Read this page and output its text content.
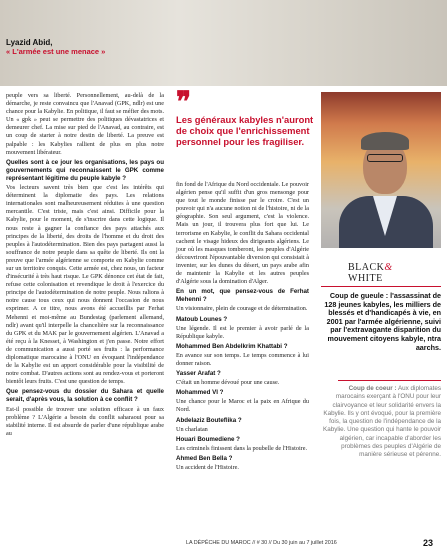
Lyazid Abid,
« L'armée est une menace »

peuple vers sa liberté. Personnellement, au-delà de la démarche, je reste convaincu que l'Anavad (GPK, ndlr) est une chance pour la Kabylie. En politique, il faut se méfier des mots. Un « gpk » peut se permettre des politiques dévastatrices et demeurer chef. La mise sur pied de l'Anavad, au contraire, est un coup de starter à notre destin de liberté. La preuve est palpable : les Kabylies rallient de plus en plus notre mouvement libérateur.

Quelles sont à ce jour les organisations, les pays ou gouvernements qui reconnaissent le GPK comme représentant légitime du peuple kabyle ?

Vos lecteurs savent très bien que c'est les intérêts qui déterminent la diplomatie des pays. Les relations internationales sont malheureusement réduites à une question mercantile. C'est triste, mais c'est ainsi. Difficile pour la Kabylie, pour le moment, de s'inscrire dans cette logique. Il nous reste à gagner la confiance des pays attachés aux principes de la liberté, des droits de l'homme et du droit des peuples à l'autodétermination. Bien des pays partagent aussi la souffrance de notre peuple dans sa quête de liberté. Ils ont la preuve que l'armée algérienne se comporte en Kabylie comme sur un territoire conquis. Cette armée est, chez nous, un facteur d'insécurité à très haut risque. Le GPK dénonce cet état de fait, refuse cette colonisation et revendique le droit à l'exercice du principe de l'autodétermination de notre peuple. Nous ralions à notre cause tous ceux qui nous donnent l'occasion de nous exprimer. A ce titre, nous avons été accueillis par Ferhat Mehenni et moi-même au Bundestag (parlement allemand, ndlr) avant qu'il interpelle la chancelière sur la reconnaissance du GPK et du MAK par le gouvernement algérien. L'Anavad a été reçu à la Knesset, à Washington et j'en passe. Notre effort de communication a aussi porté ses fruits : la performance diplomatique marocaine à l'ONU en évoquant l'indépendance de la Kabylie est un apport considérable pour la visibilité de notre combat. D'autres actions sont au rendez-vous et porteront bientôt leurs fruits. C'est une question de temps.

Que pensez-vous du dossier du Sahara et quelle serait, d'après vous, la solution à ce conflit ?

Est-il possible de trouver une solution efficace à un faux problème ? L'Algérie a besoin du conflit saharaoui pour sa stabilité interne. Il est absurde de parler d'une république arabe au

❞
Les généraux kabyles n'auront de choix que l'enrichissement personnel pour les fragiliser.

fin fond de l'Afrique du Nord occidentale. Le pouvoir algérien pense qu'il suffit d'un gros mensonge pour que tout le monde finisse par le croire. C'est un pouvoir qui n'a aucune notion ni de l'histoire, ni de la géographie. Son seul argument, c'est la violence. Mais un jour, il trouvera plus fort que lui. Le terrorisme en Kabylie, le conflit du Sahara occidental cachent le visage hideux des dirigeants algériens. Le jour où les masques tomberont, les peuples d'Algérie découvriront l'épouvantable diversion qui consistait à inventer, sur les dunes du désert, un pays arabe afin de maintenir la Kabylie et les autres peuples d'Algérie sous la domination d'Alger.

En un mot, que pensez-vous de Ferhat Mehenni ?

Un visionnaire, plein de courage et de détermination.

Matoub Lounes ?

Une légende. Il est le premier à avoir parlé de la République kabyle.

Mohammed Ben Abdelkrim Khattabi ?

En avance sur son temps. Le temps commence à lui donner raison.

Yasser Arafat ?

C'était un homme dévoué pour une cause.

Mohammed VI ?

Une chance pour le Maroc et la paix en Afrique du Nord.

Abdelaziz Bouteflika ?

Un charlatan

Houari Boumediene ?

Les criminels finissent dans la poubelle de l'Histoire.

Ahmed Ben Bella ?

Un accident de l'Histoire.

BLACK&
WHITE
Coup de gueule : l'assassinat de 128 jeunes kabyles, les milliers de blessés et d'handicapés à vie, en 2001 par l'armée algérienne, suivi par l'extravagante disparition du mouvement citoyens kabyle, ntra aarchs.
Coup de coeur : Aux diplomates marocains exerçant à l'ONU pour leur clairvoyance et leur solidarité envers la Kabylie. Ils y ont évoqué, pour la première fois, la question de l'indépendance de la Kabylie. Une question qui hante le pouvoir algérien, car incapable d'aborder les problèmes des peuples d'Algérie de manière sérieuse et pérenne.
LA DÉPÊCHE DU MAROC // # 30 // Du 30 juin au 7 juillet 2016	23
